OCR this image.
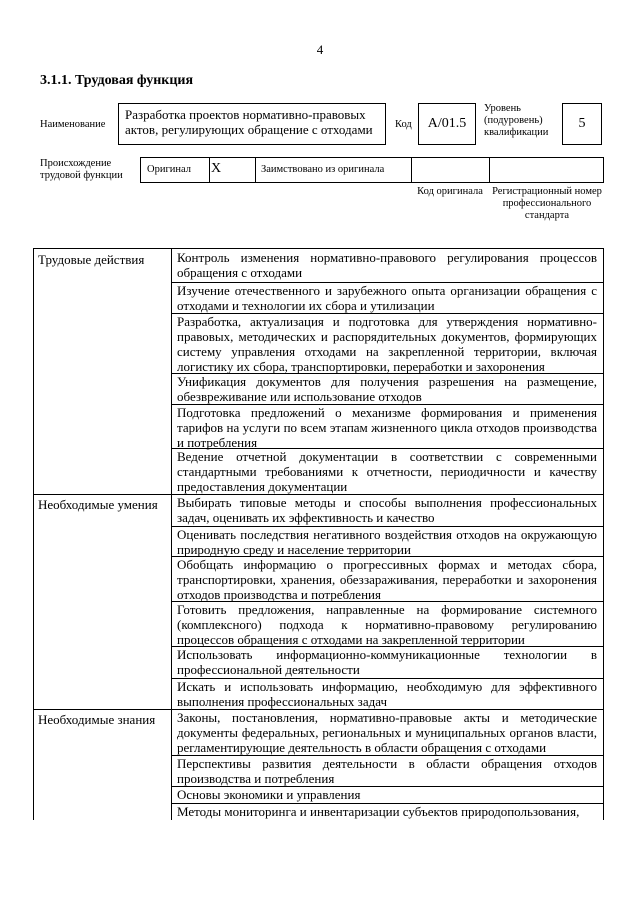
4
3.1.1. Трудовая функция
Наименование
Разработка проектов нормативно-правовых актов, регулирующих обращение с отходами	Код A/01.5
Уровень (подуровень) квалификации
5
Происхождение трудовой функции
Оригинал X	Заимствовано из оригинала
Код оригинала Регистрационный номер профессионального стандарта
Трудовые действия	Контроль изменения нормативно-правового регулирования процессов обращения с отходами
Изучение отечественного и зарубежного опыта организации обращения с отходами и технологии их сбора и утилизации
Разработка, актуализация и подготовка для утверждения нормативно-правовых, методических и распорядительных документов, формирующих систему управления отходами на закрепленной территории, включая логистику их сбора, транспортировки, переработки и захоронения
Унификация документов для получения разрешения на размещение, обезвреживание или использование отходов
Подготовка предложений о механизме формирования и применения тарифов на услуги по всем этапам жизненного цикла отходов производства и потребления
Ведение отчетной документации в соответствии с современными стандартными требованиями к отчетности, периодичности и качеству предоставления документации
Необходимые умения Выбирать типовые методы и способы выполнения профессиональных задач, оценивать их эффективность и качество
Оценивать последствия негативного воздействия отходов на окружающую природную среду и население территории
Обобщать информацию о прогрессивных формах и методах сбора, транспортировки, хранения, обеззараживания, переработки и захоронения отходов производства и потребления
Готовить предложения, направленные на формирование системного (комплексного) подхода к нормативно-правовому регулированию процессов обращения с отходами на закрепленной территории
Использовать информационно-коммуникационные технологии в профессиональной деятельности
Искать и использовать информацию, необходимую для эффективного выполнения профессиональных задач
Необходимые знания Законы, постановления, нормативно-правовые акты и методические документы федеральных, региональных и муниципальных органов власти, регламентирующие деятельность в области обращения с отходами
Перспективы развития деятельности в области обращения отходов производства и потребления
Основы экономики и управления
Методы мониторинга и инвентаризации субъектов природопользования,
